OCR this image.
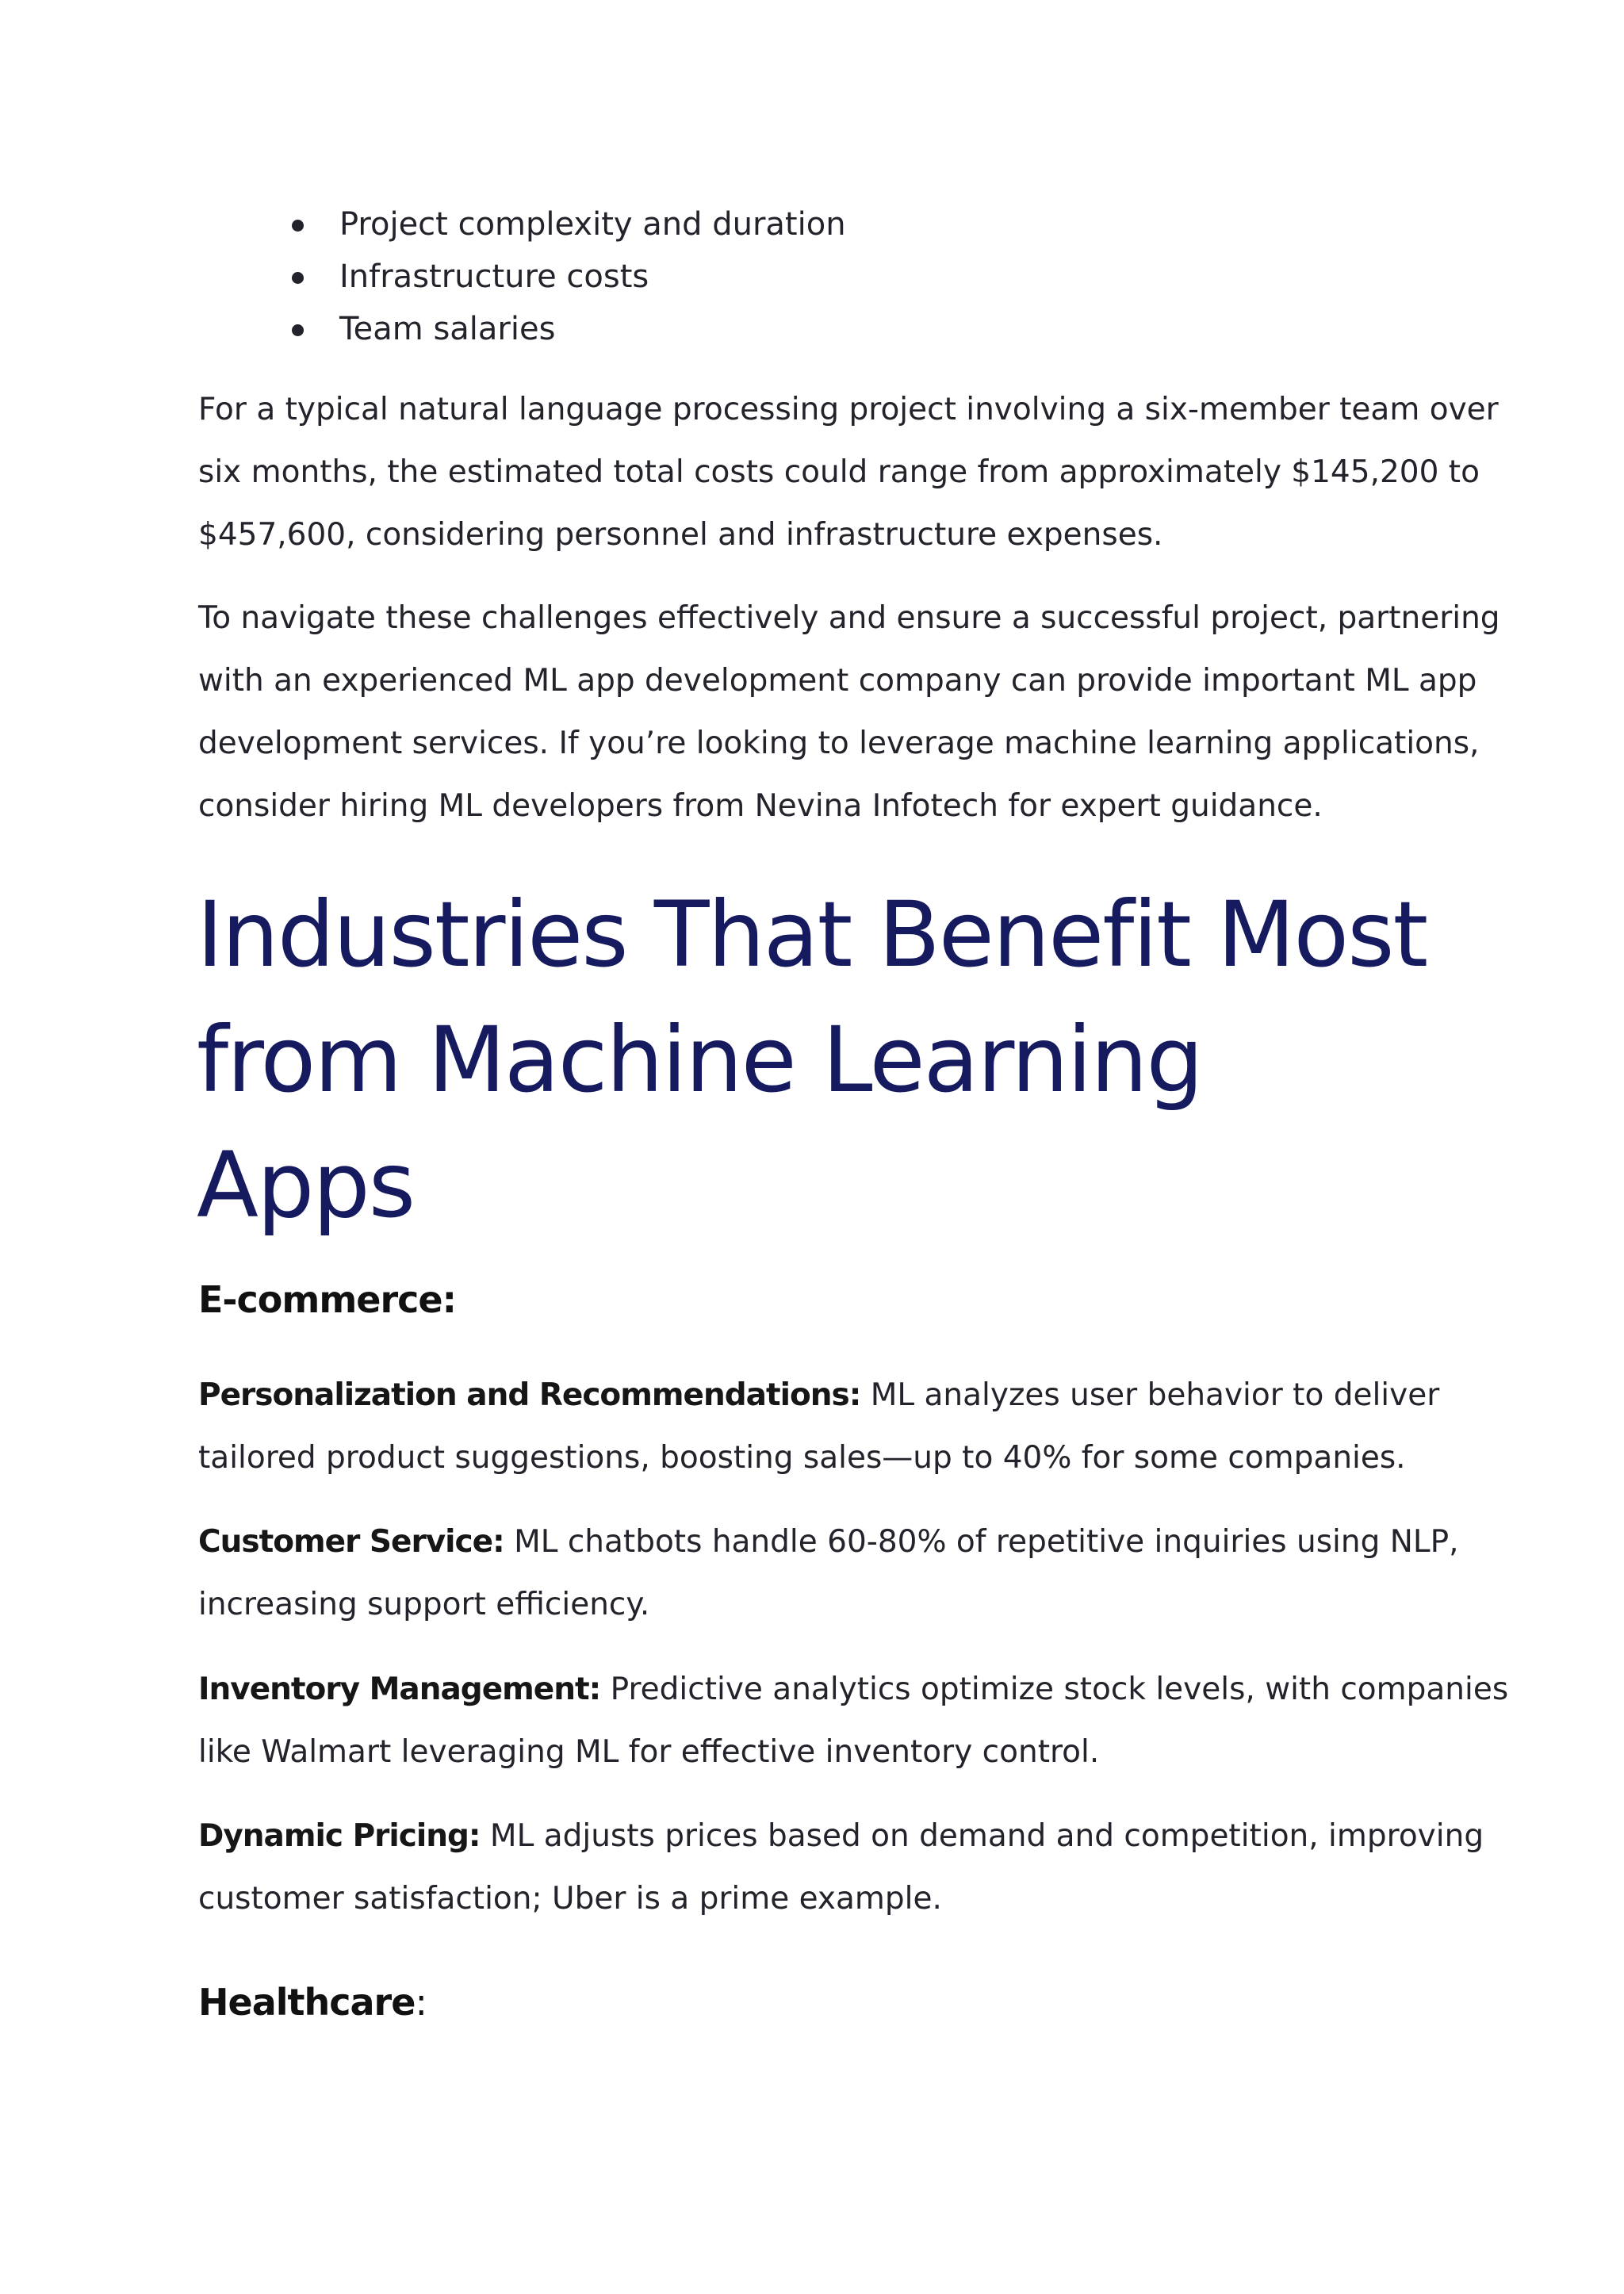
Project complexity and duration
Infrastructure costs
Team salaries

For a typical natural language processing project involving a six-member team over
six months, the estimated total costs could range from approximately $145,200 to
$457,600, considering personnel and infrastructure expenses.

To navigate these challenges effectively and ensure a successful project, partnering
with an experienced ML app development company can provide important ML app
development services. If you’re looking to leverage machine learning applications,
consider hiring ML developers from Nevina Infotech for expert guidance.

Industries That Benefit Most
from Machine Learning
Apps
E-commerce:

Personalization and Recommendations: ML analyzes user behavior to deliver
tailored product suggestions, boosting sales—up to 40% for some companies.

Customer Service: ML chatbots handle 60-80% of repetitive inquiries using NLP,
increasing support efficiency.

Inventory Management: Predictive analytics optimize stock levels, with companies
like Walmart leveraging ML for effective inventory control.

Dynamic Pricing: ML adjusts prices based on demand and competition, improving
customer satisfaction; Uber is a prime example.

Healthcare:
